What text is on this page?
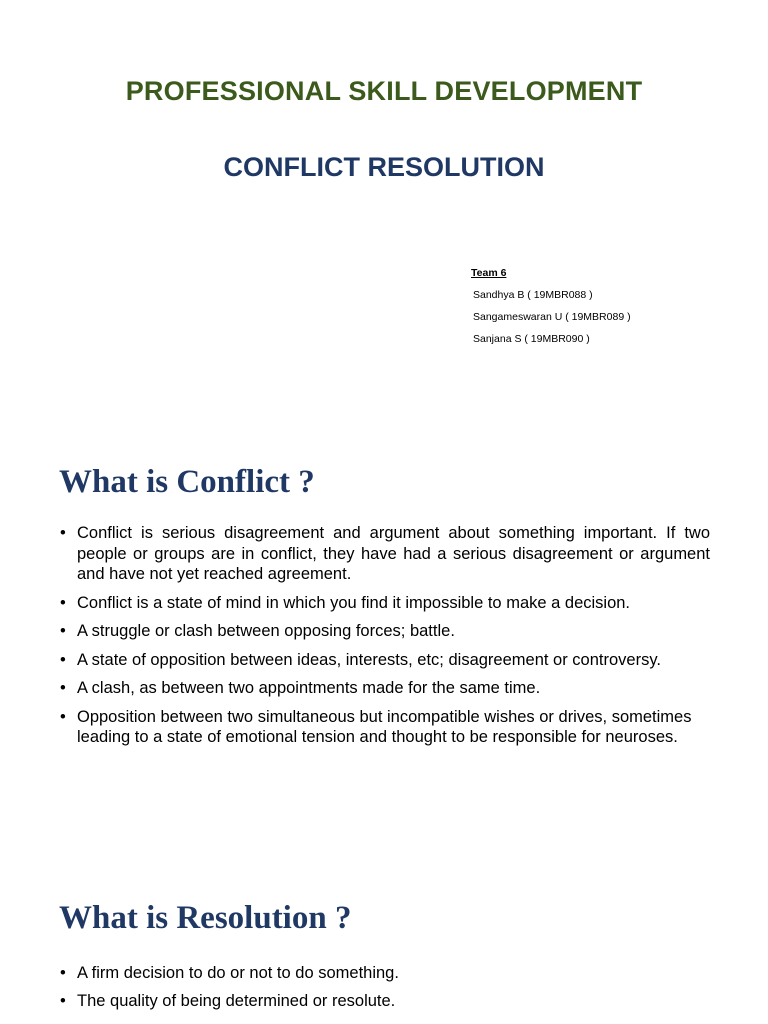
PROFESSIONAL SKILL DEVELOPMENT
CONFLICT RESOLUTION
Team 6
Sandhya B ( 19MBR088 )
Sangameswaran U ( 19MBR089 )
Sanjana S ( 19MBR090 )
What is Conflict ?
• Conflict is serious disagreement and argument about something important. If two people or groups are in conflict, they have had a serious disagreement or argument and have not yet reached agreement.
• Conflict is a state of mind in which you find it impossible to make a decision.
• A struggle or clash between opposing forces; battle.
• A state of opposition between ideas, interests, etc; disagreement or controversy.
• A clash, as between two appointments made for the same time.
• Opposition between two simultaneous but incompatible wishes or drives, sometimes leading to a state of emotional tension and thought to be responsible for neuroses.
What is Resolution ?
• A firm decision to do or not to do something.
• The quality of being determined or resolute.
